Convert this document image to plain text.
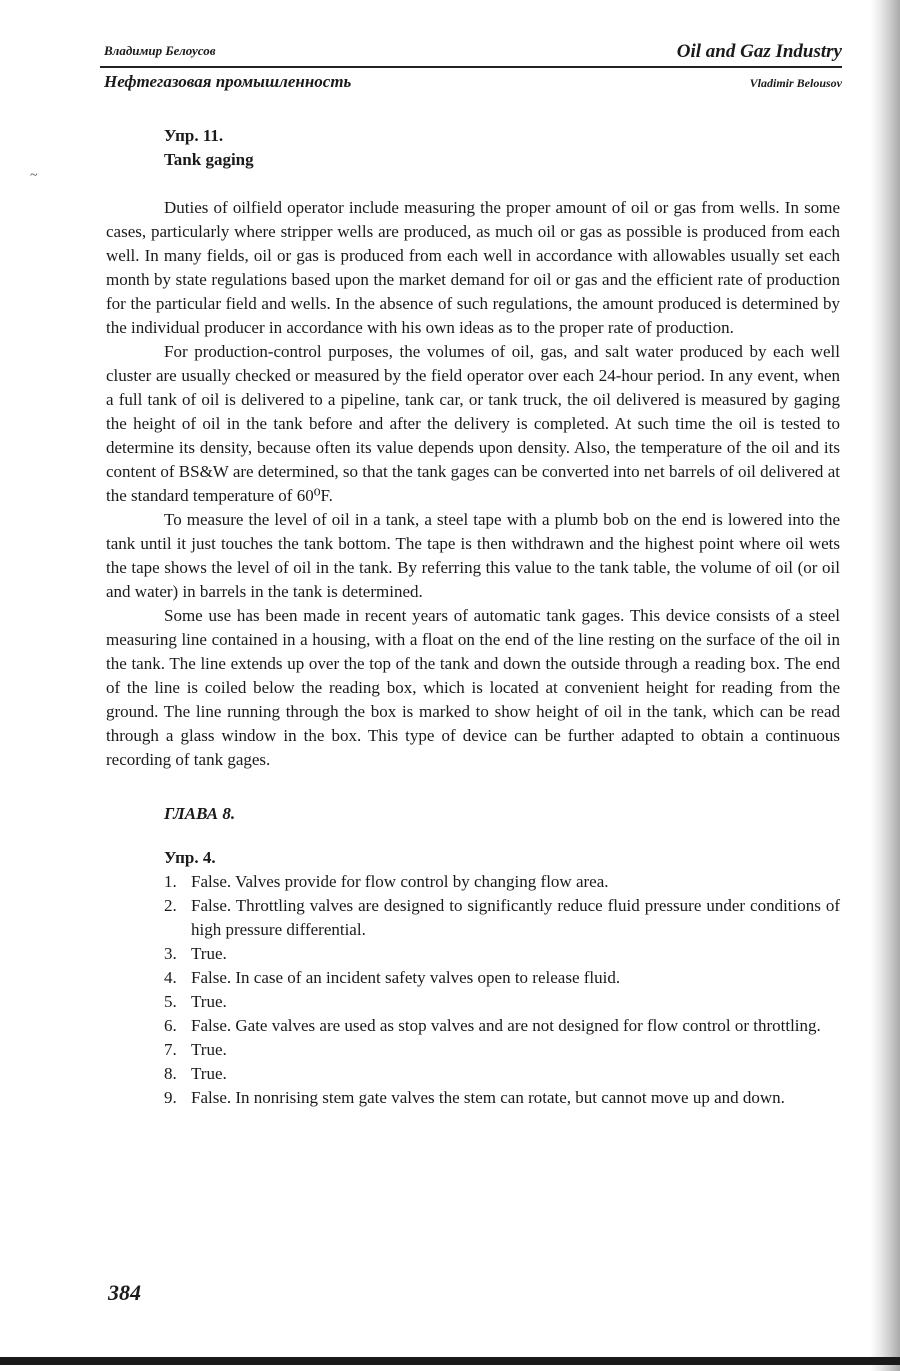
Владимир Белоусов	Oil and Gaz Industry
Нефтегазовая промышленность	Vladimir Belousov
~
Упр. 11.
Tank gaging

Duties of oilfield operator include measuring the proper amount of oil or gas from wells. In some cases, particularly where stripper wells are produced, as much oil or gas as possible is produced from each well. In many fields, oil or gas is produced from each well in accordance with allowables usually set each month by state regulations based upon the market demand for oil or gas and the efficient rate of production for the particular field and wells. In the absence of such regulations, the amount produced is determined by the individual producer in accordance with his own ideas as to the proper rate of production.

For production-control purposes, the volumes of oil, gas, and salt water produced by each well cluster are usually checked or measured by the field operator over each 24-hour period. In any event, when a full tank of oil is delivered to a pipeline, tank car, or tank truck, the oil delivered is measured by gaging the height of oil in the tank before and after the delivery is completed. At such time the oil is tested to determine its density, because often its value depends upon density. Also, the temperature of the oil and its content of BS&W are determined, so that the tank gages can be converted into net barrels of oil delivered at the standard temperature of 60⁰F.

To measure the level of oil in a tank, a steel tape with a plumb bob on the end is lowered into the tank until it just touches the tank bottom. The tape is then withdrawn and the highest point where oil wets the tape shows the level of oil in the tank. By referring this value to the tank table, the volume of oil (or oil and water) in barrels in the tank is determined.

Some use has been made in recent years of automatic tank gages. This device consists of a steel measuring line contained in a housing, with a float on the end of the line resting on the surface of the oil in the tank. The line extends up over the top of the tank and down the outside through a reading box. The end of the line is coiled below the reading box, which is located at convenient height for reading from the ground. The line running through the box is marked to show height of oil in the tank, which can be read through a glass window in the box. This type of device can be further adapted to obtain a continuous recording of tank gages.

ГЛАВА 8.
Упр. 4.
1. False. Valves provide for flow control by changing flow area.
2. False. Throttling valves are designed to significantly reduce fluid pressure under conditions of high pressure differential.
3. True.
4. False. In case of an incident safety valves open to release fluid.
5. True.
6. False. Gate valves are used as stop valves and are not designed for flow control or throttling.
7. True.
8. True.
9. False. In nonrising stem gate valves the stem can rotate, but cannot move up and down.
384
